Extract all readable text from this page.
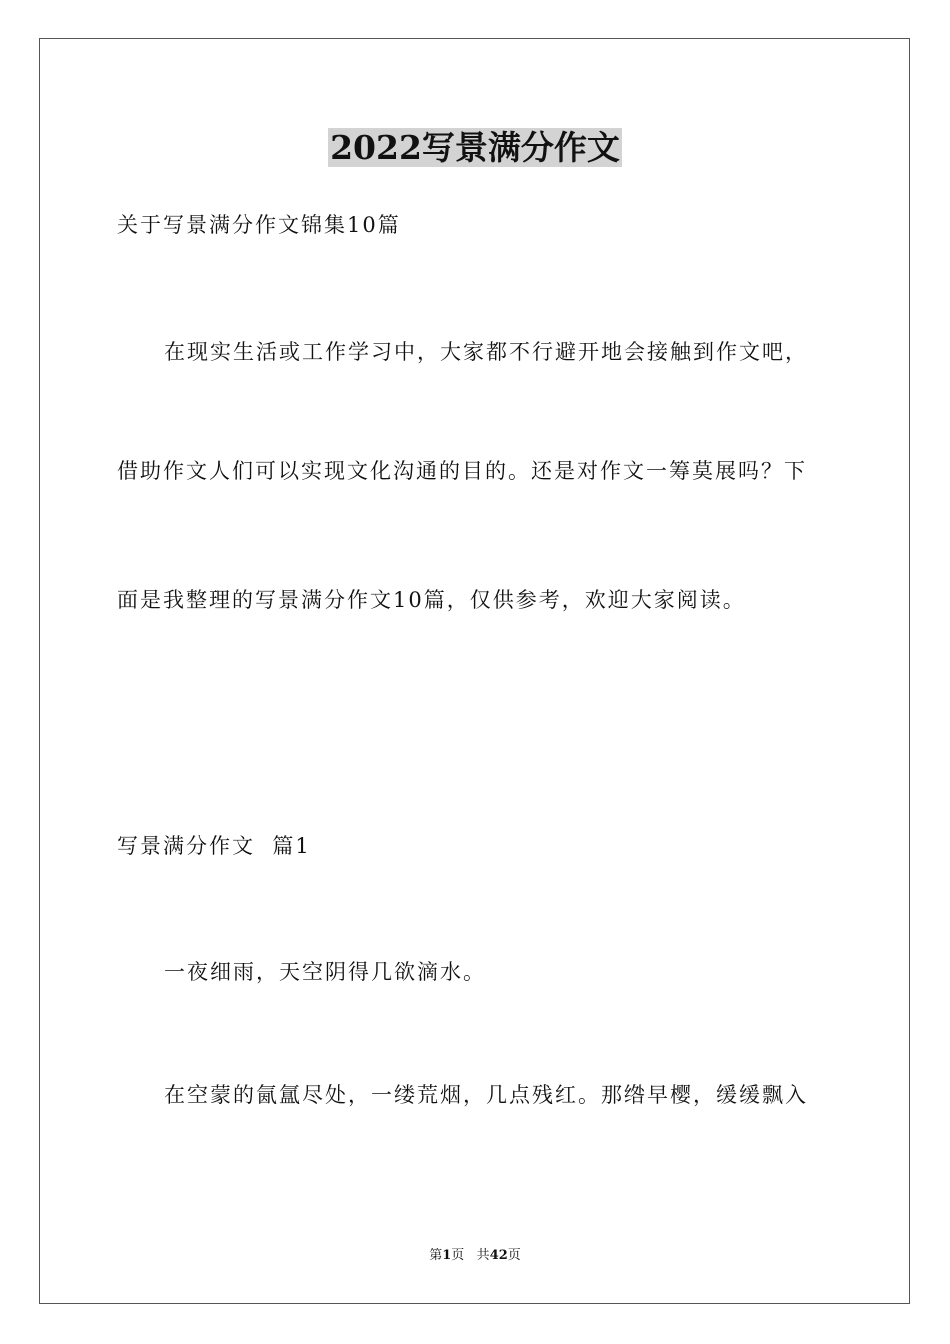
2022写景满分作文
关于写景满分作文锦集10篇
在现实生活或工作学习中，大家都不行避开地会接触到作文吧，
借助作文人们可以实现文化沟通的目的。还是对作文一筹莫展吗？下
面是我整理的写景满分作文10篇，仅供参考，欢迎大家阅读。
写景满分作文  篇1
一夜细雨，天空阴得几欲滴水。
在空蒙的氤氲尽处，一缕荒烟，几点残红。那绺早樱，缓缓飘入
第1页 共42页
